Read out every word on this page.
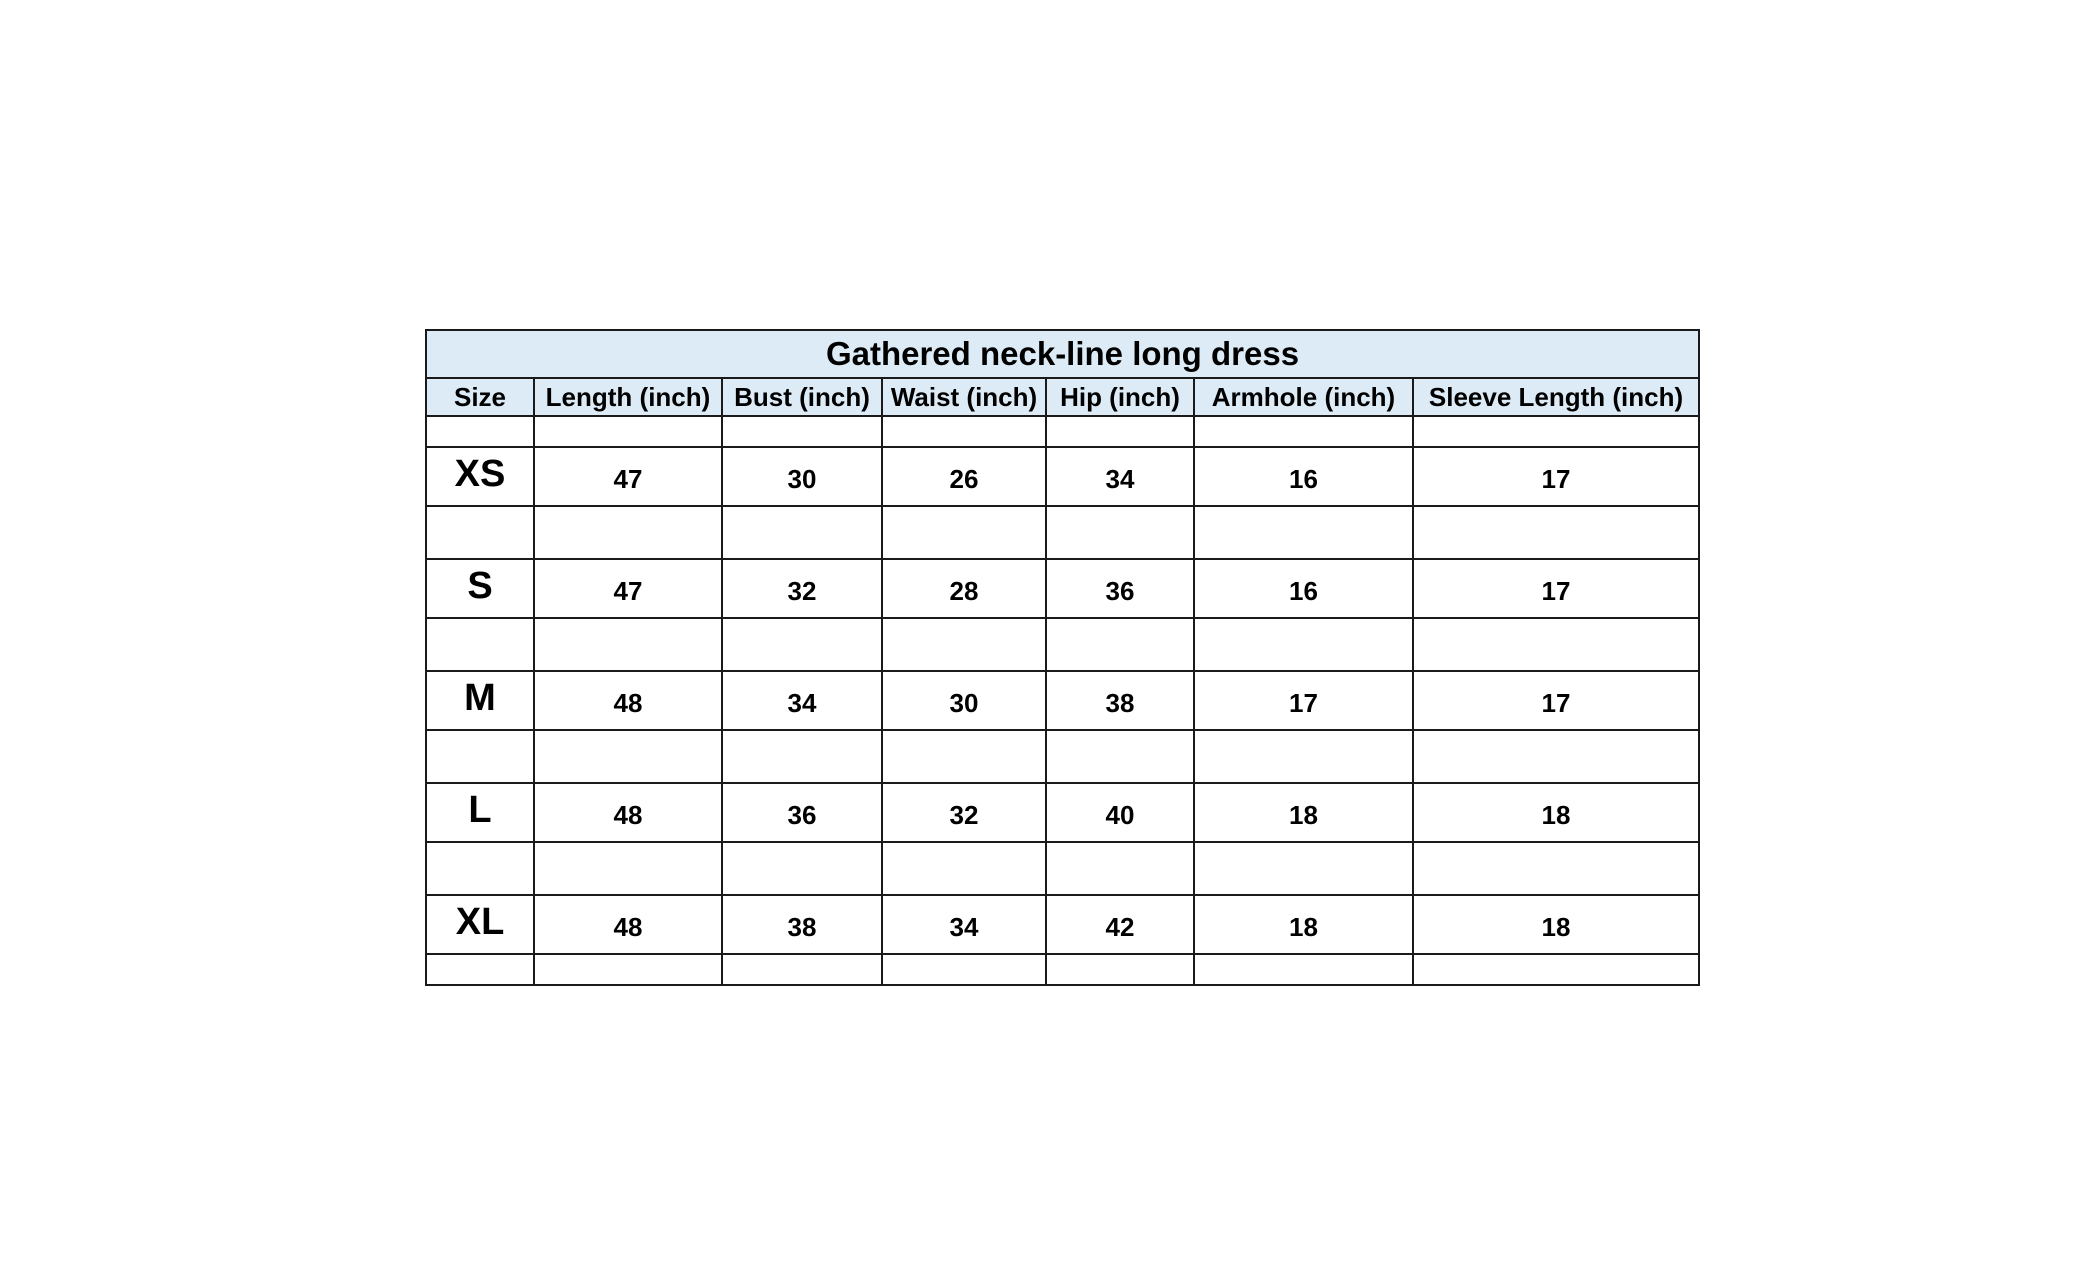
Gathered neck-line long dress						
Size	Length (inch)	Bust (inch)	Waist (inch)	Hip (inch)	Armhole (inch)	Sleeve Length (inch)

XS	47	30	26	34	16	17

S	47	32	28	36	16	17

M	48	34	30	38	17	17

L	48	36	32	40	18	18

XL	48	38	34	42	18	18
